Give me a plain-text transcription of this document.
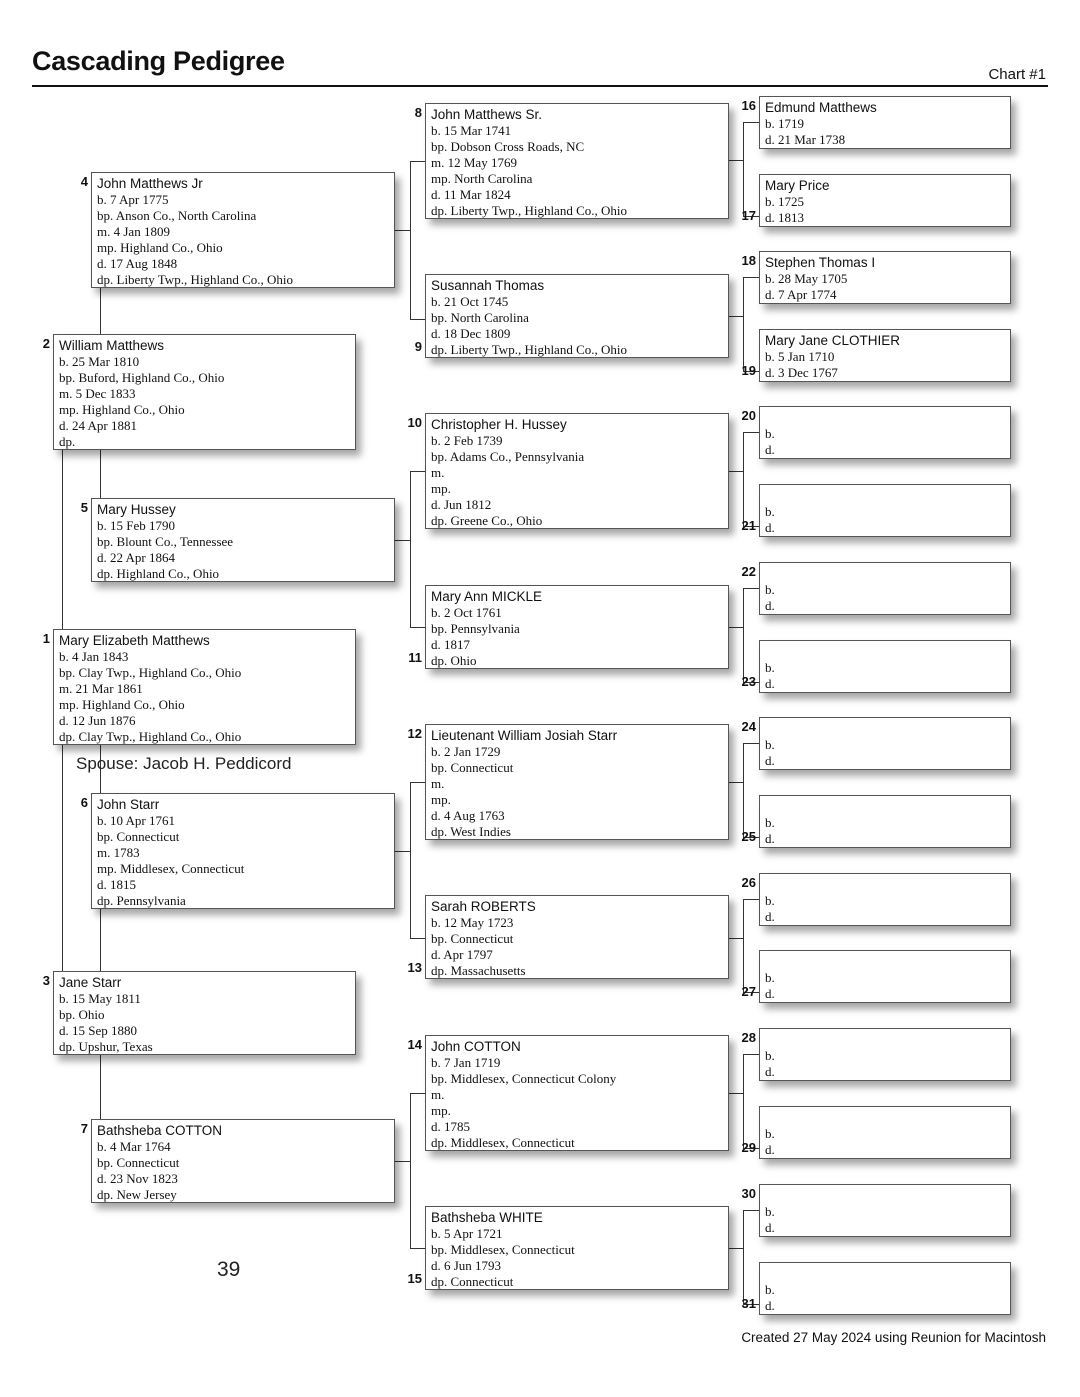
Cascading Pedigree	Chart #1
Mary Elizabeth Matthews
b. 4 Jan 1843
bp. Clay Twp., Highland Co., Ohio
m. 21 Mar 1861
mp. Highland Co., Ohio
d. 12 Jun 1876
dp. Clay Twp., Highland Co., Ohio
1
William Matthews
b. 25 Mar 1810
bp. Buford, Highland Co., Ohio
m. 5 Dec 1833
mp. Highland Co., Ohio
d. 24 Apr 1881
dp.
2
Jane Starr
b. 15 May 1811
bp. Ohio
d. 15 Sep 1880
dp. Upshur, Texas
3
John Matthews Jr
b. 7 Apr 1775
bp. Anson Co., North Carolina
m. 4 Jan 1809
mp. Highland Co., Ohio
d. 17 Aug 1848
dp. Liberty Twp., Highland Co., Ohio
4
Mary Hussey
b. 15 Feb 1790
bp. Blount Co., Tennessee
d. 22 Apr 1864
dp. Highland Co., Ohio
5
John Starr
b. 10 Apr 1761
bp. Connecticut
m. 1783
mp. Middlesex, Connecticut
d. 1815
dp. Pennsylvania
6
Bathsheba COTTON
b. 4 Mar 1764
bp. Connecticut
d. 23 Nov 1823
dp. New Jersey
7
John Matthews Sr.
b. 15 Mar 1741
bp. Dobson Cross Roads, NC
m. 12 May 1769
mp. North Carolina
d. 11 Mar 1824
dp. Liberty Twp., Highland Co., Ohio
8
Susannah Thomas
b. 21 Oct 1745
bp. North Carolina
d. 18 Dec 1809
dp. Liberty Twp., Highland Co., Ohio
9
Christopher H. Hussey
b. 2 Feb 1739
bp. Adams Co., Pennsylvania
m.
mp.
d. Jun 1812
dp. Greene Co., Ohio
10
Mary Ann MICKLE
b. 2 Oct 1761
bp. Pennsylvania
d. 1817
dp. Ohio
11
Lieutenant William Josiah Starr
b. 2 Jan 1729
bp. Connecticut
m.
mp.
d. 4 Aug 1763
dp. West Indies
12
Sarah ROBERTS
b. 12 May 1723
bp. Connecticut
d. Apr 1797
dp. Massachusetts
13
John COTTON
b. 7 Jan 1719
bp. Middlesex, Connecticut Colony
m.
mp.
d. 1785
dp. Middlesex, Connecticut
14
Bathsheba WHITE
b. 5 Apr 1721
bp. Middlesex, Connecticut
d. 6 Jun 1793
dp. Connecticut
15
Edmund Matthews
b. 1719
d. 21 Mar 1738
16
Mary Price
b. 1725
d. 1813
17
Stephen Thomas I
b. 28 May 1705
d. 7 Apr 1774
18
Mary Jane CLOTHIER
b. 5 Jan 1710
d. 3 Dec 1767
19
b.
d.
20
b.
d.
21
b.
d.
22
b.
d.
23
b.
d.
24
b.
d.
25
b.
d.
26
b.
d.
27
b.
d.
28
b.
d.
29
b.
d.
30
b.
d.
31
Spouse: Jacob H. Peddicord
39
Created 27 May 2024 using Reunion for Macintosh
